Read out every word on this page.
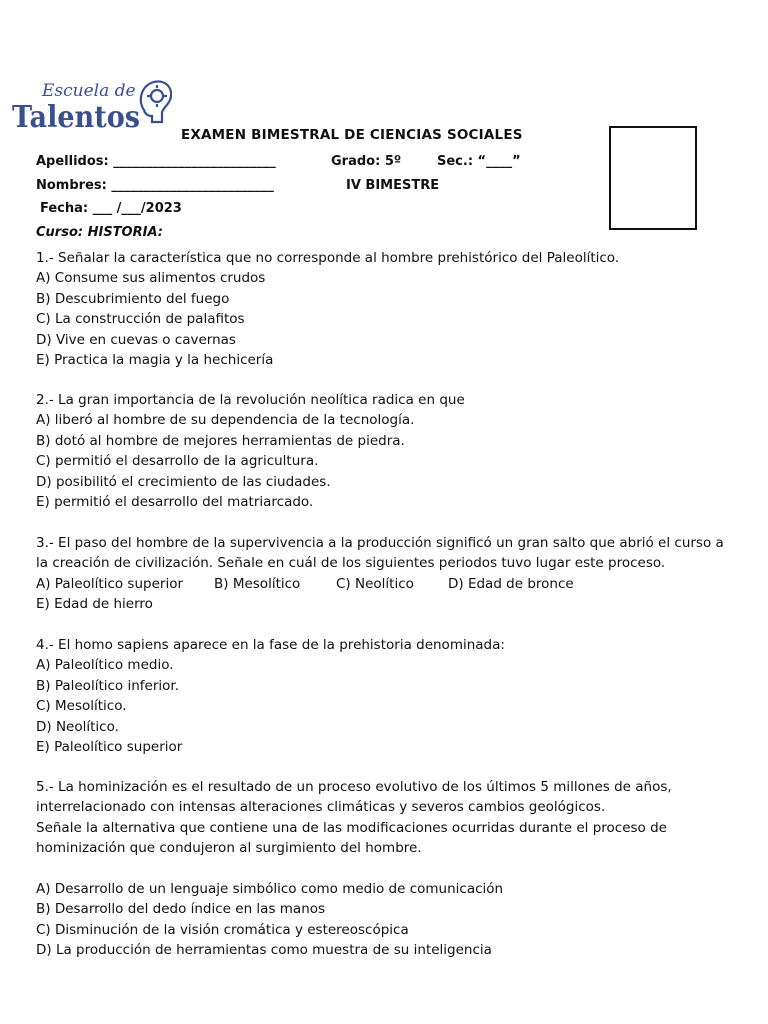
Escuela de
Talentos	EXAMEN BIMESTRAL DE CIENCIAS SOCIALES
Apellidos: _________________________	Grado: 5º	Sec.: “____”
Nombres: _________________________	IV BIMESTRE
Fecha: ___ /___/2023
Curso: HISTORIA:
1.- Señalar la característica que no corresponde al hombre prehistórico del Paleolítico.
A) Consume sus alimentos crudos
B) Descubrimiento del fuego
C) La construcción de palafitos
D) Vive en cuevas o cavernas
E) Practica la magia y la hechicería
2.- La gran importancia de la revolución neolítica radica en que
A) liberó al hombre de su dependencia de la tecnología.
B) dotó al hombre de mejores herramientas de piedra.
C) permitió el desarrollo de la agricultura.
D) posibilitó el crecimiento de las ciudades.
E) permitió el desarrollo del matriarcado.
3.- El paso del hombre de la supervivencia a la producción significó un gran salto que abrió el curso a la creación de civilización. Señale en cuál de los siguientes periodos tuvo lugar este proceso.
A) Paleolítico superior B) Mesolítico	C) Neolítico	D) Edad de bronce
E) Edad de hierro
4.- El homo sapiens aparece en la fase de la prehistoria denominada:
A) Paleolítico medio.
B) Paleolítico inferior.
C) Mesolítico.
D) Neolítico.
E) Paleolítico superior
5.- La hominización es el resultado de un proceso evolutivo de los últimos 5 millones de años, interrelacionado con intensas alteraciones climáticas y severos cambios geológicos.
Señale la alternativa que contiene una de las modificaciones ocurridas durante el proceso de hominización que condujeron al surgimiento del hombre.
A) Desarrollo de un lenguaje simbólico como medio de comunicación
B) Desarrollo del dedo índice en las manos
C) Disminución de la visión cromática y estereoscópica
D) La producción de herramientas como muestra de su inteligencia
